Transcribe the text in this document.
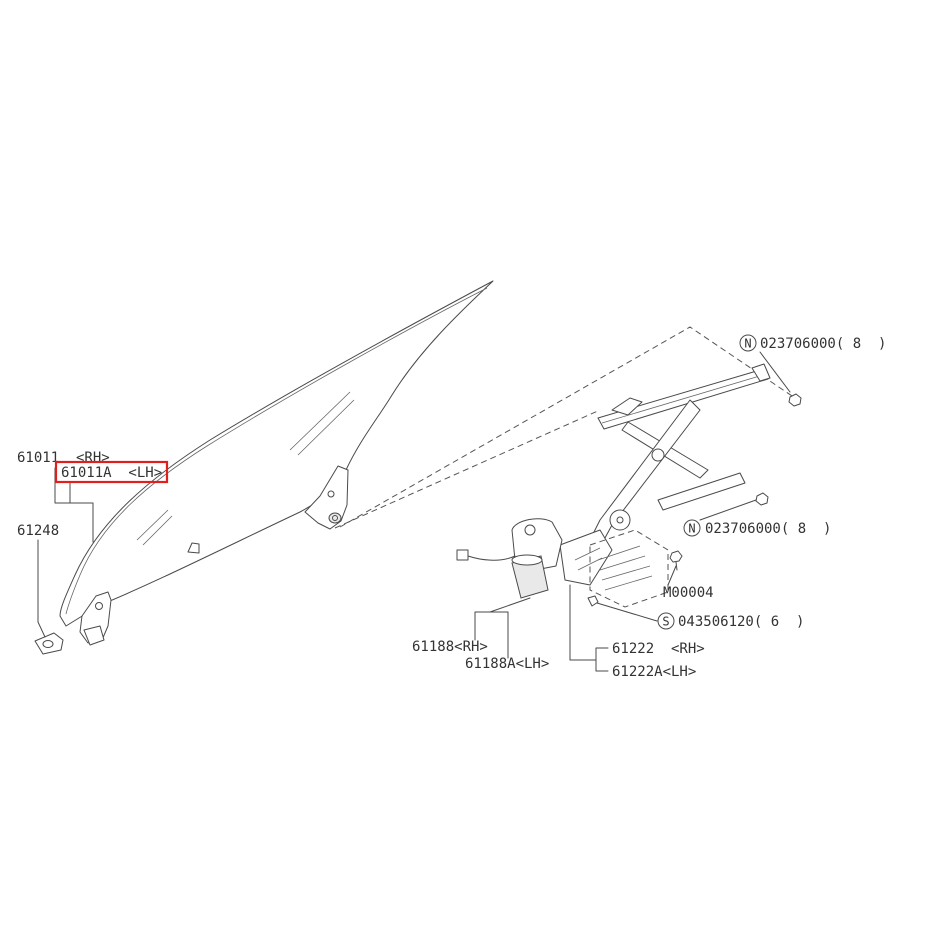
61011  <RH>
61011A  <LH>
61248
N 023706000( 8  )
N 023706000( 8  )
M00004
S 043506120( 6  )
61188<RH>
61188A<LH>
61222  <RH>
61222A<LH>
